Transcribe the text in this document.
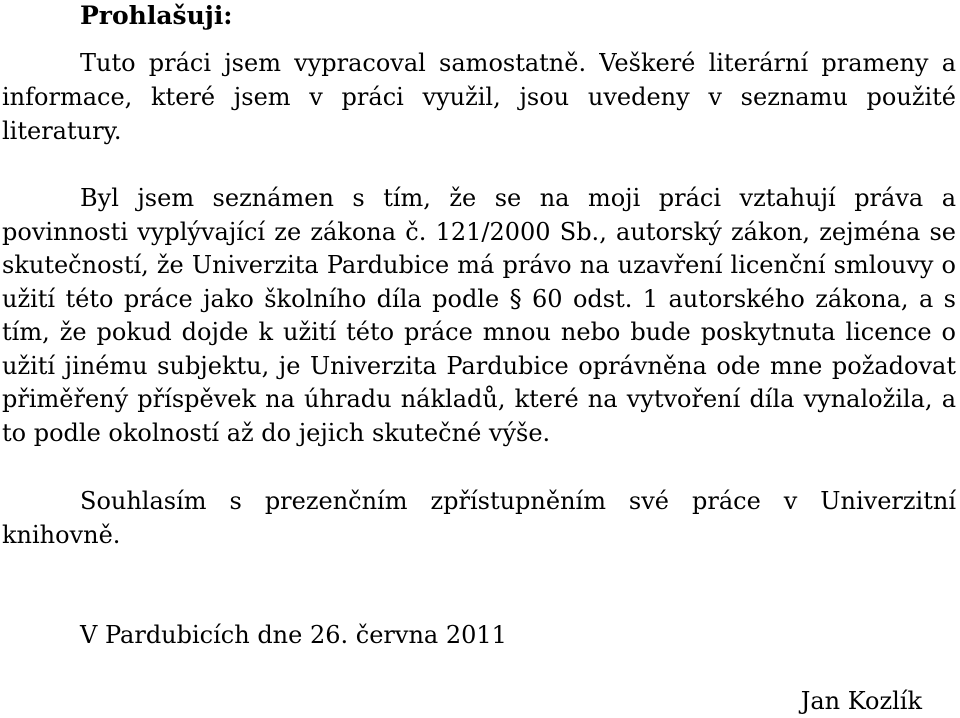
Prohlašuji:
Tuto práci jsem vypracoval samostatně. Veškeré literární prameny a informace, které jsem v práci využil, jsou uvedeny v seznamu použité literatury.
Byl jsem seznámen s tím, že se na moji práci vztahují práva a povinnosti vyplývající ze zákona č. 121/2000 Sb., autorský zákon, zejména se skutečností, že Univerzita Pardubice má právo na uzavření licenční smlouvy o užití této práce jako školního díla podle § 60 odst. 1 autorského zákona, a s tím, že pokud dojde k užití této práce mnou nebo bude poskytnuta licence o užití jinému subjektu, je Univerzita Pardubice oprávněna ode mne požadovat přiměřený příspěvek na úhradu nákladů, které na vytvoření díla vynaložila, a to podle okolností až do jejich skutečné výše.
Souhlasím s prezenčním zpřístupněním své práce v Univerzitní knihovně.
V Pardubicích dne 26. června 2011
Jan Kozlík
